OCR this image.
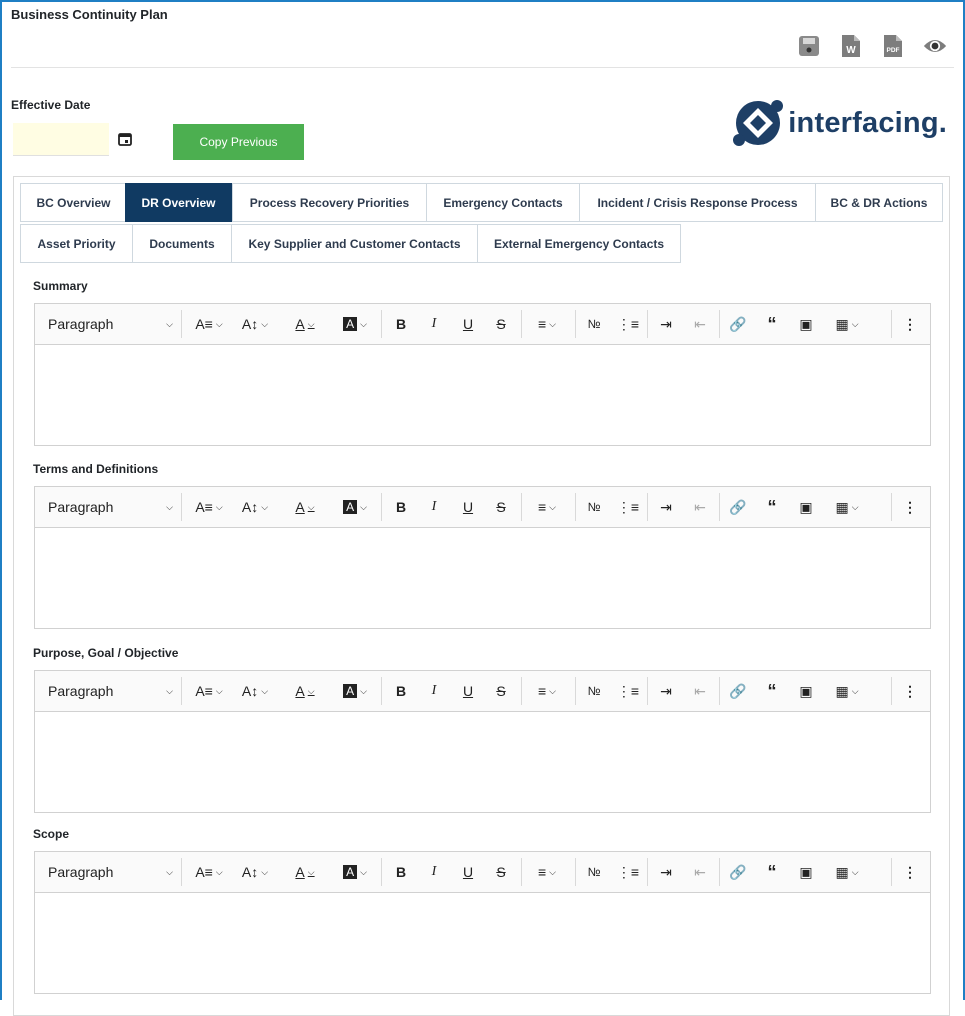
Business Continuity Plan
W	PDF
Effective Date
Copy Previous
interfacing.
BC Overview	DR Overview	Process Recovery Priorities	Emergency Contacts	Incident / Crisis Response Process	BC & DR Actions
Asset Priority	Documents	Key Supplier and Customer Contacts	External Emergency Contacts
Summary
Paragraph	⌵	A≡ ⌵	A↕ ⌵	A ⌵	A ⌵	B	I	U	S	≡ ⌵	№	⋮≡	⇥	⇤	🔗	“	▣	▦ ⌵	⋮
Terms and Definitions
Paragraph	⌵	A≡ ⌵	A↕ ⌵	A ⌵	A ⌵	B	I	U	S	≡ ⌵	№	⋮≡	⇥	⇤	🔗	“	▣	▦ ⌵	⋮
Purpose, Goal / Objective
Paragraph	⌵	A≡ ⌵	A↕ ⌵	A ⌵	A ⌵	B	I	U	S	≡ ⌵	№	⋮≡	⇥	⇤	🔗	“	▣	▦ ⌵	⋮
Scope
Paragraph	⌵	A≡ ⌵	A↕ ⌵	A ⌵	A ⌵	B	I	U	S	≡ ⌵	№	⋮≡	⇥	⇤	🔗	“	▣	▦ ⌵	⋮
